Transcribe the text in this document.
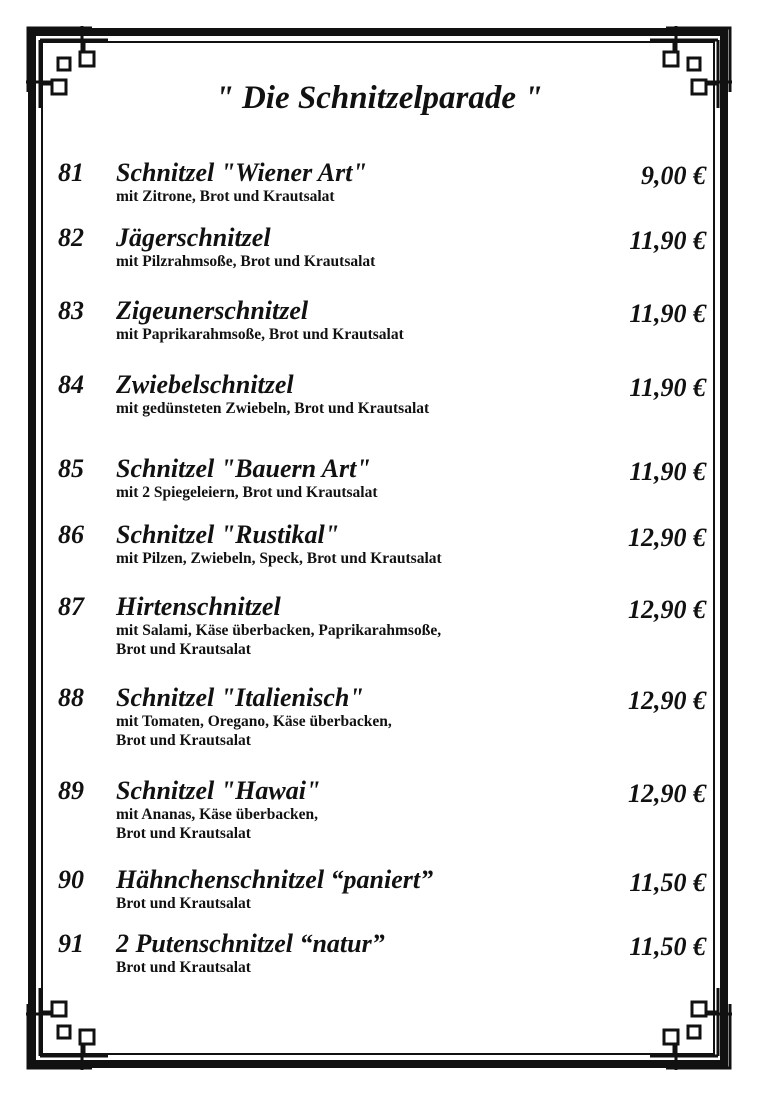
" Die Schnitzelparade "
81 Schnitzel "Wiener Art"
mit Zitrone, Brot und Krautsalat
9,00 €
82 Jägerschnitzel
mit Pilzrahmsoße, Brot und Krautsalat
11,90 €
83 Zigeunerschnitzel
mit Paprikarahmsoße, Brot und Krautsalat
11,90 €
84 Zwiebelschnitzel
mit gedünsteten Zwiebeln, Brot und Krautsalat
11,90 €
85 Schnitzel "Bauern Art"
mit 2 Spiegeleiern, Brot und Krautsalat
11,90 €
86 Schnitzel "Rustikal"
mit Pilzen, Zwiebeln, Speck, Brot und Krautsalat
12,90 €
87 Hirtenschnitzel
mit Salami, Käse überbacken, Paprikarahmsoße,
Brot und Krautsalat
12,90 €
88 Schnitzel "Italienisch"
mit Tomaten, Oregano, Käse überbacken,
Brot und Krautsalat
12,90 €
89 Schnitzel "Hawai"
mit Ananas, Käse überbacken,
Brot und Krautsalat
12,90 €
90 Hähnchenschnitzel “paniert”
Brot und Krautsalat
11,50 €
91 2 Putenschnitzel “natur”
Brot und Krautsalat
11,50 €
